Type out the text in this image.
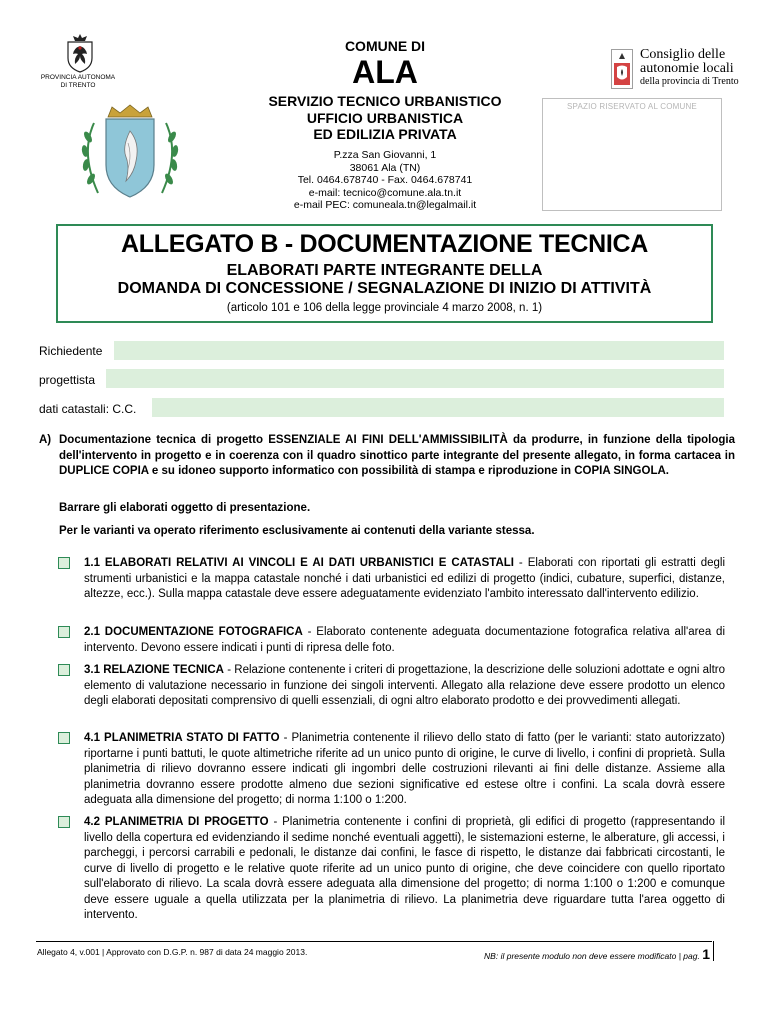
PROVINCIA AUTONOMA
DI TRENTO
COMUNE DI
ALA
SERVIZIO TECNICO URBANISTICO
UFFICIO URBANISTICA
ED EDILIZIA PRIVATA
P.zza San Giovanni, 1
38061 Ala (TN)
Tel. 0464.678740 - Fax. 0464.678741
e-mail: tecnico@comune.ala.tn.it
e-mail PEC: comuneala.tn@legalmail.it
Consiglio delle
autonomie locali
della provincia di Trento
SPAZIO RISERVATO AL COMUNE
ALLEGATO B - DOCUMENTAZIONE TECNICA
ELABORATI PARTE INTEGRANTE DELLA
DOMANDA DI CONCESSIONE / SEGNALAZIONE DI INIZIO DI ATTIVITÀ
(articolo 101 e 106 della legge provinciale 4 marzo 2008, n. 1)
Richiedente
progettista
dati catastali: C.C.
A) Documentazione tecnica di progetto ESSENZIALE AI FINI DELL'AMMISSIBILITÀ da produrre, in funzione della tipologia dell'intervento in progetto e in coerenza con il quadro sinottico parte integrante del presente allegato, in forma cartacea in DUPLICE COPIA e su idoneo supporto informatico con possibilità di stampa e riproduzione in COPIA SINGOLA.
Barrare gli elaborati oggetto di presentazione.
Per le varianti va operato riferimento esclusivamente ai contenuti della variante stessa.
1.1 ELABORATI RELATIVI AI VINCOLI E AI DATI URBANISTICI E CATASTALI - Elaborati con riportati gli estratti degli strumenti urbanistici e la mappa catastale nonché i dati urbanistici ed edilizi di progetto (indici, cubature, superfici, distanze, altezze, ecc.). Sulla mappa catastale deve essere adeguatamente evidenziato l'ambito interessato dall'intervento edilizio.
2.1 DOCUMENTAZIONE FOTOGRAFICA - Elaborato contenente adeguata documentazione fotografica relativa all'area di intervento. Devono essere indicati i punti di ripresa delle foto.
3.1 RELAZIONE TECNICA - Relazione contenente i criteri di progettazione, la descrizione delle soluzioni adottate e ogni altro elemento di valutazione necessario in funzione dei singoli interventi. Allegato alla relazione deve essere prodotto un elenco degli elaborati depositati comprensivo di quelli essenziali, di ogni altro elaborato prodotto e dei provvedimenti allegati.
4.1 PLANIMETRIA STATO DI FATTO - Planimetria contenente il rilievo dello stato di fatto (per le varianti: stato autorizzato) riportarne i punti battuti, le quote altimetriche riferite ad un unico punto di origine, le curve di livello, i confini di proprietà. Sulla planimetria di rilievo dovranno essere indicati gli ingombri delle costruzioni rilevanti ai fini delle distanze. Assieme alla planimetria dovranno essere prodotte almeno due sezioni significative ed estese oltre i confini. La scala dovrà essere adeguata alla dimensione del progetto; di norma 1:100 o 1:200.
4.2 PLANIMETRIA DI PROGETTO - Planimetria contenente i confini di proprietà, gli edifici di progetto (rappresentando il livello della copertura ed evidenziando il sedime nonché eventuali aggetti), le sistemazioni esterne, le alberature, gli accessi, i parcheggi, i percorsi carrabili e pedonali, le distanze dai confini, le fasce di rispetto, le distanze dai fabbricati circostanti, le curve di livello di progetto e le relative quote riferite ad un unico punto di origine, che deve coincidere con quello riportato sull'elaborato di rilievo. La scala dovrà essere adeguata alla dimensione del progetto; di norma 1:100 o 1:200 e comunque deve essere uguale a quella utilizzata per la planimetria di rilievo. La planimetria deve riguardare tutta l'area oggetto di intervento.
Allegato 4, v.001 | Approvato con D.G.P. n. 987 di data 24 maggio 2013.	NB: il presente modulo non deve essere modificato | pag. 1
